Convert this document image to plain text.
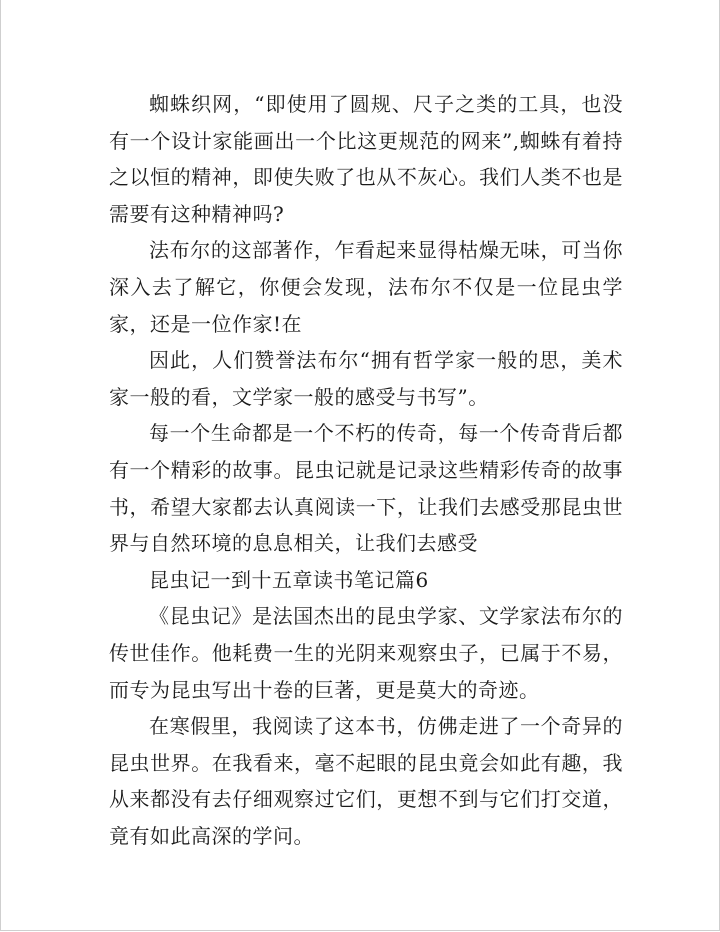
蜘蛛织网，“即使用了圆规、尺子之类的工具，也没有一个设计家能画出一个比这更规范的网来”,蜘蛛有着持之以恒的精神，即使失败了也从不灰心。我们人类不也是需要有这种精神吗?

法布尔的这部著作，乍看起来显得枯燥无味，可当你深入去了解它，你便会发现，法布尔不仅是一位昆虫学家，还是一位作家!在

因此，人们赞誉法布尔“拥有哲学家一般的思，美术家一般的看，文学家一般的感受与书写”。

每一个生命都是一个不朽的传奇，每一个传奇背后都有一个精彩的故事。昆虫记就是记录这些精彩传奇的故事书，希望大家都去认真阅读一下，让我们去感受那昆虫世界与自然环境的息息相关，让我们去感受

昆虫记一到十五章读书笔记篇6

《昆虫记》是法国杰出的昆虫学家、文学家法布尔的传世佳作。他耗费一生的光阴来观察虫子，已属于不易，而专为昆虫写出十卷的巨著，更是莫大的奇迹。

在寒假里，我阅读了这本书，仿佛走进了一个奇异的昆虫世界。在我看来，毫不起眼的昆虫竟会如此有趣，我从来都没有去仔细观察过它们，更想不到与它们打交道，竟有如此高深的学问。
